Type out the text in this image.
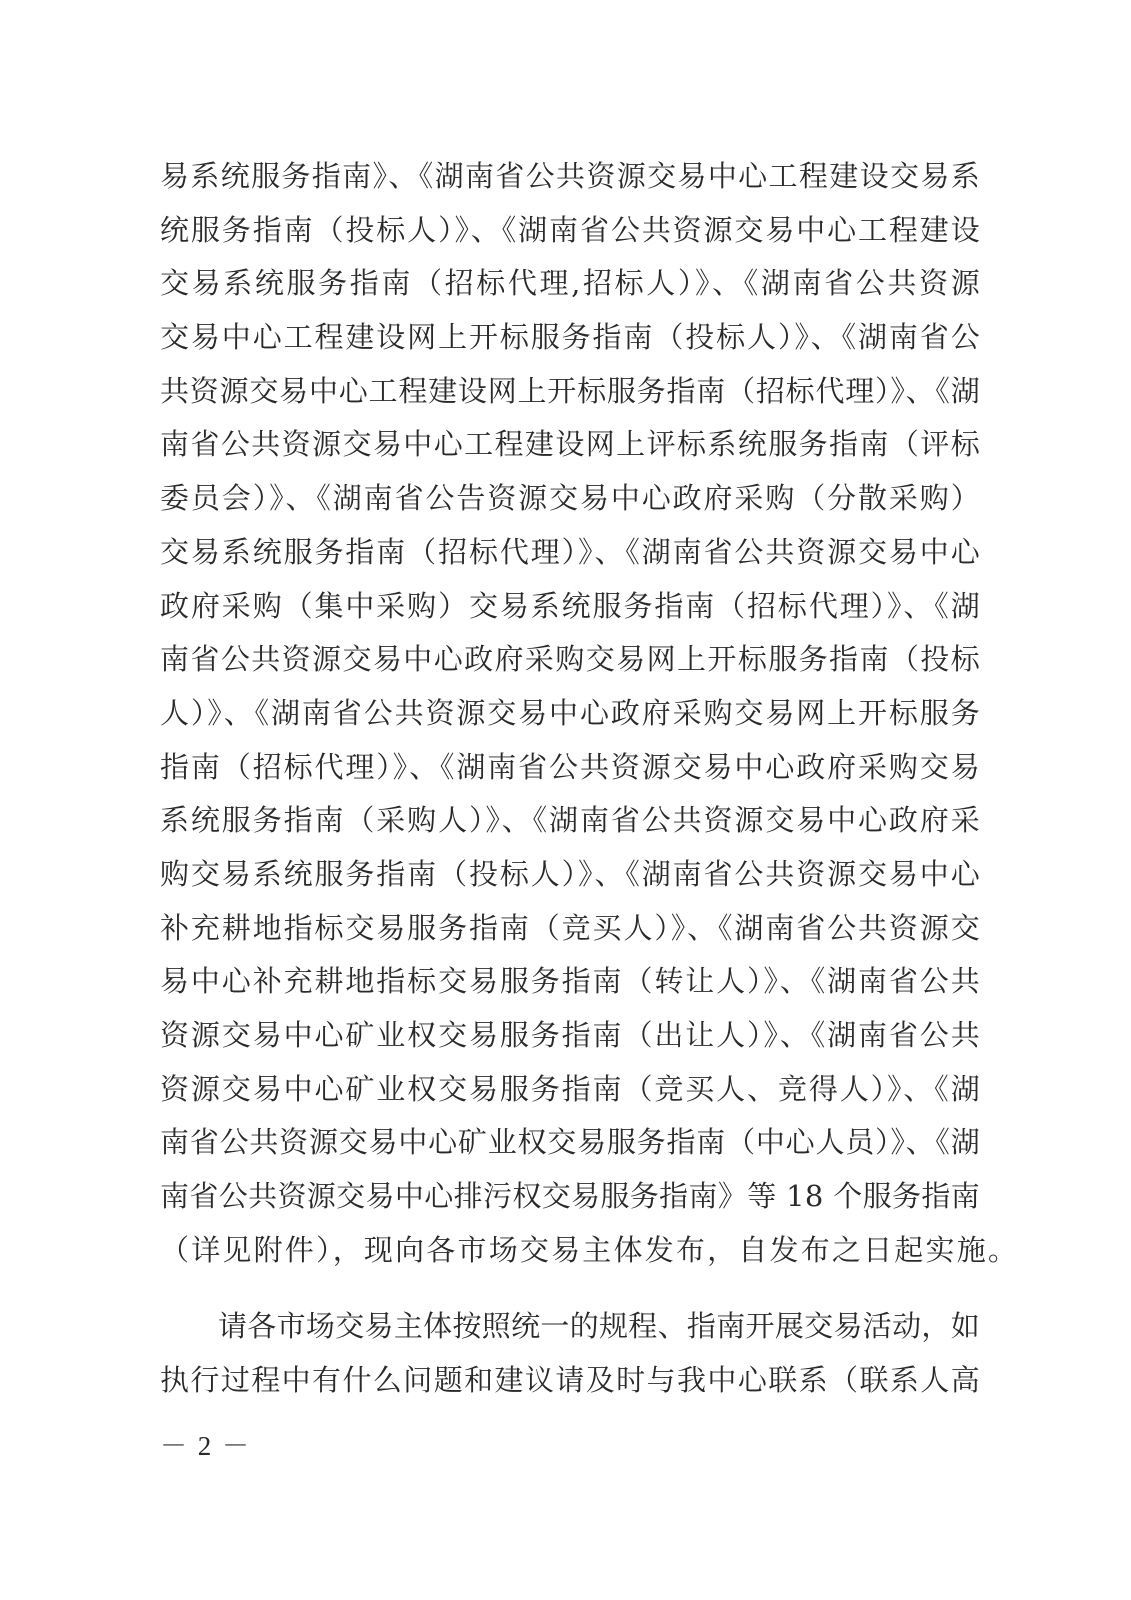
易系统服务指南》、《湖南省公共资源交易中心工程建设交易系
统服务指南（投标人）》、《湖南省公共资源交易中心工程建设
交易系统服务指南（招标代理,招标人）》、《湖南省公共资源
交易中心工程建设网上开标服务指南（投标人）》、《湖南省公
共资源交易中心工程建设网上开标服务指南（招标代理）》、《湖
南省公共资源交易中心工程建设网上评标系统服务指南（评标
委员会）》、《湖南省公告资源交易中心政府采购（分散采购）
交易系统服务指南（招标代理）》、《湖南省公共资源交易中心
政府采购（集中采购）交易系统服务指南（招标代理）》、《湖
南省公共资源交易中心政府采购交易网上开标服务指南（投标
人）》、《湖南省公共资源交易中心政府采购交易网上开标服务
指南（招标代理）》、《湖南省公共资源交易中心政府采购交易
系统服务指南（采购人）》、《湖南省公共资源交易中心政府采
购交易系统服务指南（投标人）》、《湖南省公共资源交易中心
补充耕地指标交易服务指南（竞买人）》、《湖南省公共资源交
易中心补充耕地指标交易服务指南（转让人）》、《湖南省公共
资源交易中心矿业权交易服务指南（出让人）》、《湖南省公共
资源交易中心矿业权交易服务指南（竞买人、竞得人）》、《湖
南省公共资源交易中心矿业权交易服务指南（中心人员）》、《湖
南省公共资源交易中心排污权交易服务指南》等 18 个服务指南
（详见附件），现向各市场交易主体发布，自发布之日起实施。
请各市场交易主体按照统一的规程、指南开展交易活动，如
执行过程中有什么问题和建议请及时与我中心联系（联系人高
－ 2 －
